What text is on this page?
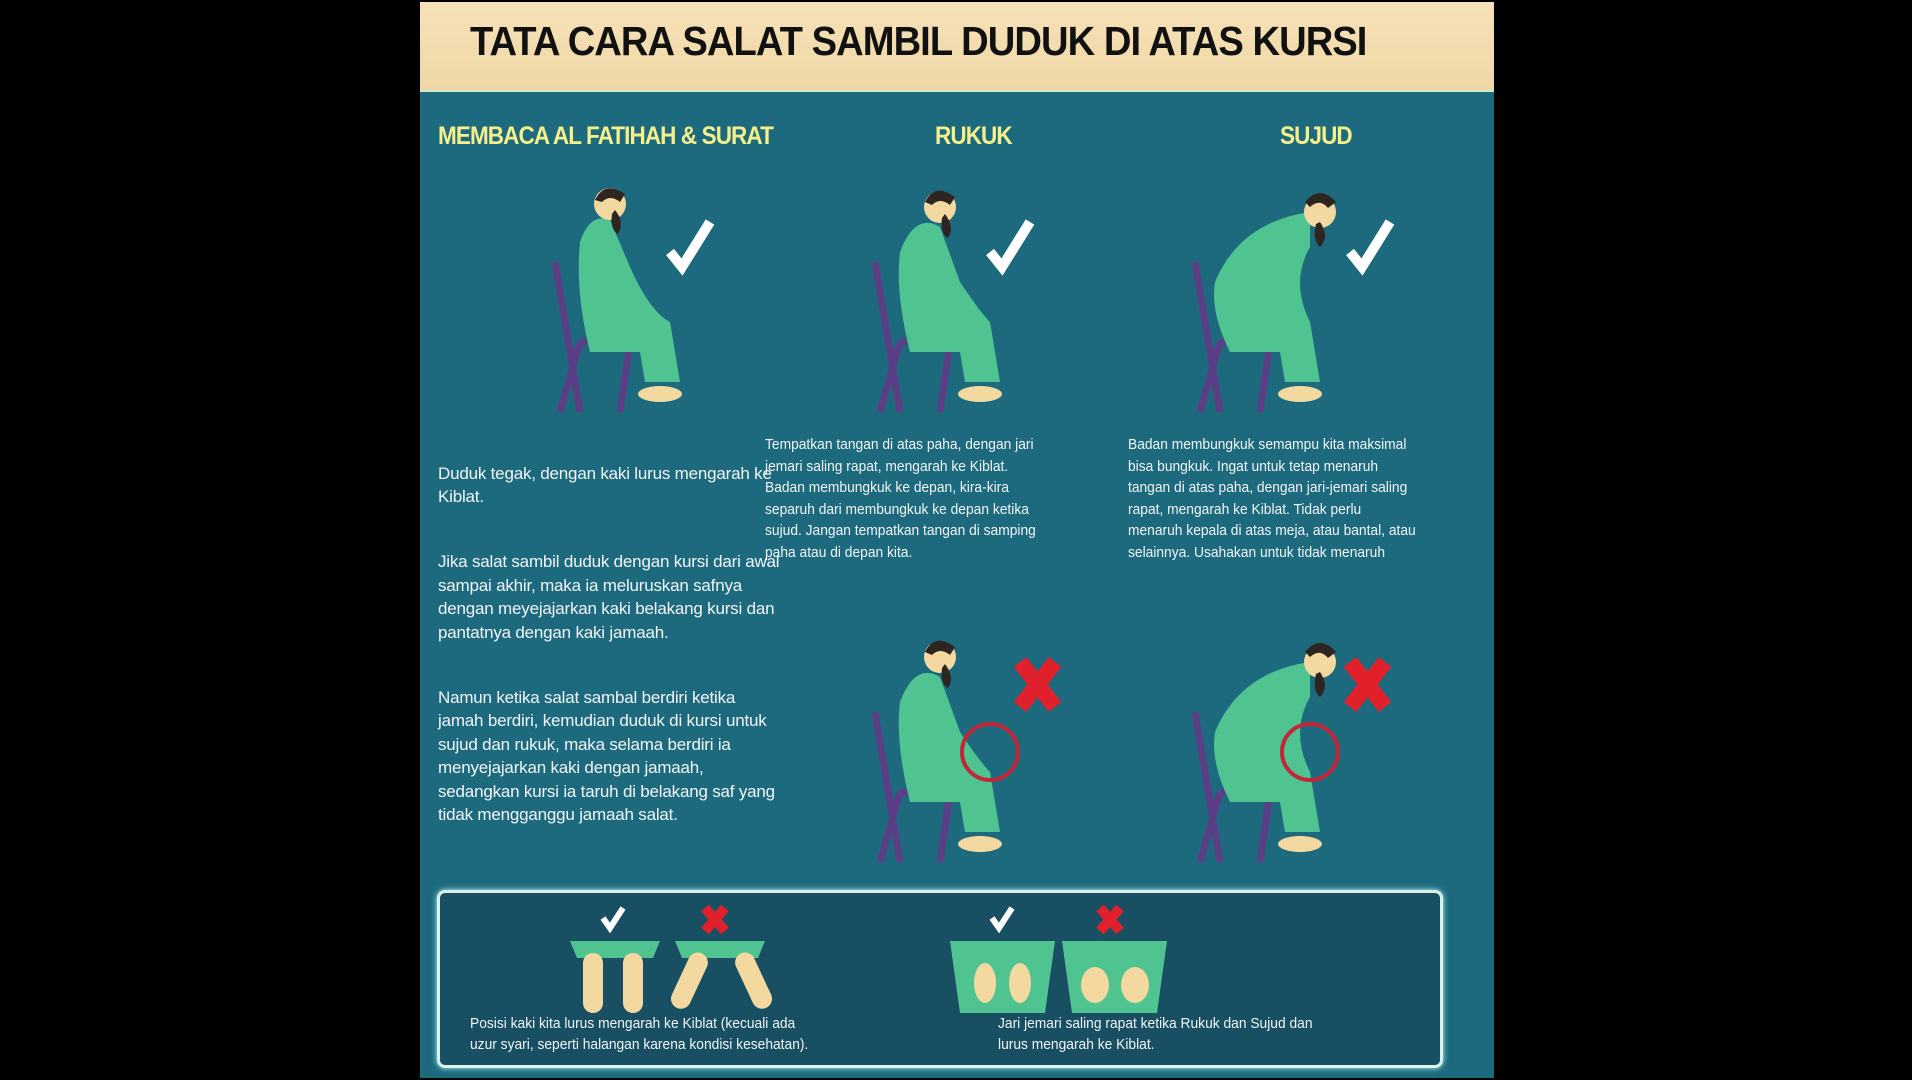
TATA CARA SALAT SAMBIL DUDUK DI ATAS KURSI
MEMBACA AL FATIHAH & SURAT	RUKUK	SUJUD

Duduk tegak, dengan kaki lurus mengarah ke Kiblat.

Jika salat sambil duduk dengan kursi dari awal sampai akhir, maka ia meluruskan safnya dengan meyejajarkan kaki belakang kursi dan pantatnya dengan kaki jamaah.

Namun ketika salat sambal berdiri ketika jamah berdiri, kemudian duduk di kursi untuk sujud dan rukuk, maka selama berdiri ia menyejajarkan kaki dengan jamaah, sedangkan kursi ia taruh di belakang saf yang tidak mengganggu jamaah salat.

Tempatkan tangan di atas paha, dengan jari
jemari saling rapat, mengarah ke Kiblat.
Badan membungkuk ke depan, kira-kira
separuh dari membungkuk ke depan ketika
sujud. Jangan tempatkan tangan di samping
paha atau di depan kita.
Badan membungkuk semampu kita maksimal
bisa bungkuk. Ingat untuk tetap menaruh
tangan di atas paha, dengan jari-jemari saling
rapat, mengarah ke Kiblat. Tidak perlu
menaruh kepala di atas meja, atau bantal, atau
selainnya. Usahakan untuk tidak menaruh
Posisi kaki kita lurus mengarah ke Kiblat (kecuali ada
uzur syari, seperti halangan karena kondisi kesehatan).
Jari jemari saling rapat ketika Rukuk dan Sujud dan
lurus mengarah ke Kiblat.
